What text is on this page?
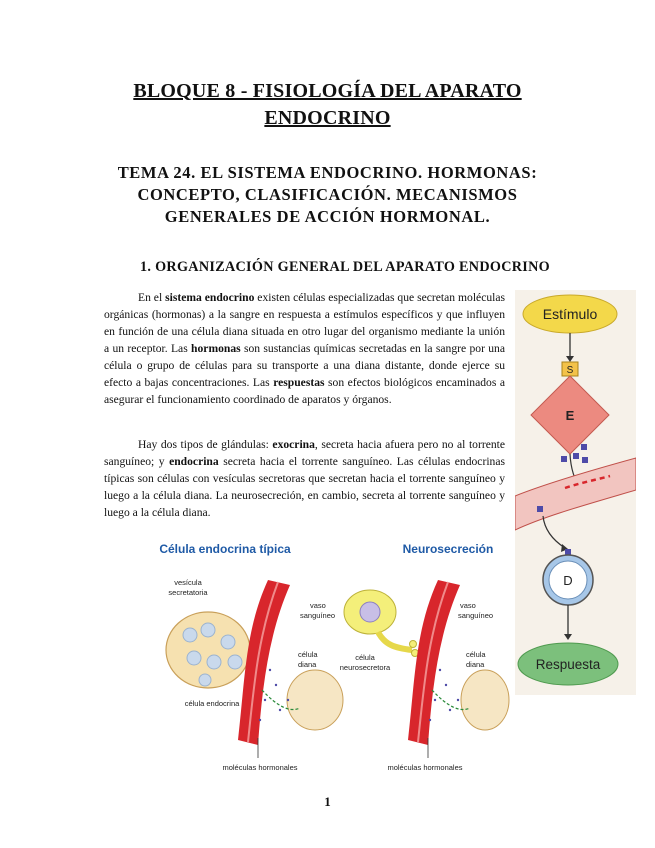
BLOQUE 8 - FISIOLOGÍA DEL APARATO
ENDOCRINO
TEMA 24. EL SISTEMA ENDOCRINO. HORMONAS:
CONCEPTO, CLASIFICACIÓN. MECANISMOS
GENERALES DE ACCIÓN HORMONAL.
1. ORGANIZACIÓN GENERAL DEL APARATO ENDOCRINO

En el sistema endocrino existen células especializadas que secretan moléculas orgánicas (hormonas) a la sangre en respuesta a estímulos específicos y que influyen en función de una célula diana situada en otro lugar del organismo mediante la unión a un receptor. Las hormonas son sustancias químicas secretadas en la sangre por una célula o grupo de células para su transporte a una diana distante, donde ejerce su efecto a bajas concentraciones. Las respuestas son efectos biológicos encaminados a asegurar el funcionamiento coordinado de aparatos y órganos.

Hay dos tipos de glándulas: exocrina, secreta hacia afuera pero no al torrente sanguíneo; y endocrina secreta hacia el torrente sanguíneo. Las células endocrinas típicas son células con vesículas secretoras que secretan hacia el torrente sanguíneo y luego a la célula diana. La neurosecreción, en cambio, secreta al torrente sanguíneo y luego a la célula diana.

Estímulo
S
E
D
Respuesta
Célula endocrina típica	Neurosecreción
vesícula
secretatoria
vaso
sanguíneo
célula
diana
célula endocrina
moléculas hormonales
vaso
sanguíneo
célula
diana
célula
neurosecretora
moléculas hormonales
1
